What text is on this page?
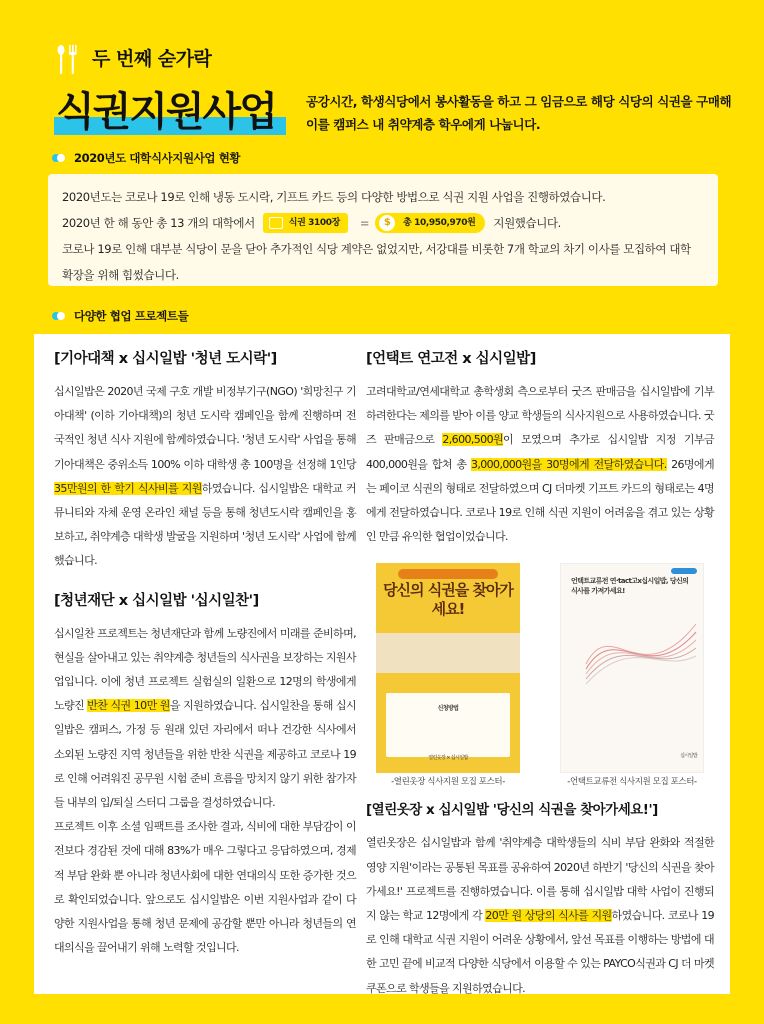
두 번째 숟가락
식권지원사업 공강시간, 학생식당에서 봉사활동을 하고 그 임금으로 해당 식당의 식권을 구매해 이를 캠퍼스 내 취약계층 학우에게 나눕니다.
2020년도 대학식사지원사업 현황
2020년도는 코로나 19로 인해 냉동 도시락, 기프트 카드 등의 다양한 방법으로 식권 지원 사업을 진행하였습니다.
2020년 한 해 동안 총 13 개의 대학에서	식권 3100장 =	$	총 10,950,970원 지원했습니다.
코로나 19로 인해 대부분 식당이 문을 닫아 추가적인 식당 계약은 없었지만, 서강대를 비롯한 7개 학교의 차기 이사를 모집하여 대학 확장을 위해 힘썼습니다.
다양한 협업 프로젝트들
[기아대책 x 십시일밥 '청년 도시락']

십시일밥은 2020년 국제 구호 개발 비정부기구(NGO) '희망친구 기아대책' (이하 기아대책)의 청년 도시락 캠페인을 함께 진행하며 전국적인 청년 식사 지원에 함께하였습니다. '청년 도시락' 사업을 통해 기아대책은 중위소득 100% 이하 대학생 총 100명을 선정해 1인당 35만원의 한 학기 식사비를 지원하였습니다. 십시일밥은 대학교 커뮤니티와 자체 운영 온라인 채널 등을 통해 청년도시락 캠페인을 홍보하고, 취약계층 대학생 발굴을 지원하며 '청년 도시락' 사업에 함께했습니다.

[청년재단 x 십시일밥 '십시일찬']

십시일찬 프로젝트는 청년재단과 함께 노량진에서 미래를 준비하며, 현실을 살아내고 있는 취약계층 청년들의 식사권을 보장하는 지원사업입니다. 이에 청년 프로젝트 실험실의 일환으로 12명의 학생에게 노량진 반찬 식권 10만 원을 지원하였습니다. 십시일찬을 통해 십시일밥은 캠퍼스, 가정 등 원래 있던 자리에서 떠나 건강한 식사에서 소외된 노량진 지역 청년들을 위한 반찬 식권을 제공하고 코로나 19로 인해 어려워진 공무원 시험 준비 흐름을 망치지 않기 위한 참가자들 내부의 입/퇴실 스터디 그룹을 결성하였습니다.

프로젝트 이후 소셜 임팩트를 조사한 결과, 식비에 대한 부담감이 이전보다 경감된 것에 대해 83%가 매우 그렇다고 응답하였으며, 경제적 부담 완화 뿐 아니라 청년사회에 대한 연대의식 또한 증가한 것으로 확인되었습니다. 앞으로도 십시일밥은 이번 지원사업과 같이 다양한 지원사업을 통해 청년 문제에 공감할 뿐만 아니라 청년들의 연대의식을 끌어내기 위해 노력할 것입니다.

[언택트 연고전 x 십시일밥]

고려대학교/연세대학교 총학생회 측으로부터 굿즈 판매금을 십시일밥에 기부하려한다는 제의를 받아 이를 양교 학생들의 식사지원으로 사용하였습니다. 굿즈 판매금으로 2,600,500원이 모였으며 추가로 십시일밥 지정 기부금 400,000원을 합쳐 총 3,000,000원을 30명에게 전달하였습니다. 26명에게는 페이코 식권의 형태로 전달하였으며 CJ 더마켓 기프트 카드의 형태로는 4명에게 전달하였습니다. 코로나 19로 인해 식권 지원이 어려움을 겪고 있는 상황인 만큼 유익한 협업이었습니다.

당신의 식권을 찾아가세요!
신청방법
열린옷장 × 십시일밥
-열린옷장 식사지원 모집 포스터-
언택트교류전 연·tact고x십시일밥, 당신의 식사를 가져가세요!
십시일밥
-언택트교류전 식사지원 모집 포스터-
[열린옷장 x 십시일밥 '당신의 식권을 찾아가세요!']

열린옷장은 십시일밥과 함께 '취약계층 대학생들의 식비 부담 완화와 적절한 영양 지원'이라는 공통된 목표를 공유하여 2020년 하반기 '당신의 식권을 찾아가세요!' 프로젝트를 진행하였습니다. 이를 통해 십시일밥 대학 사업이 진행되지 않는 학교 12명에게 각 20만 원 상당의 식사를 지원하였습니다. 코로나 19로 인해 대학교 식권 지원이 어려운 상황에서, 앞선 목표를 이행하는 방법에 대한 고민 끝에 비교적 다양한 식당에서 이용할 수 있는 PAYCO식권과 CJ 더 마켓 쿠폰으로 학생들을 지원하였습니다.
